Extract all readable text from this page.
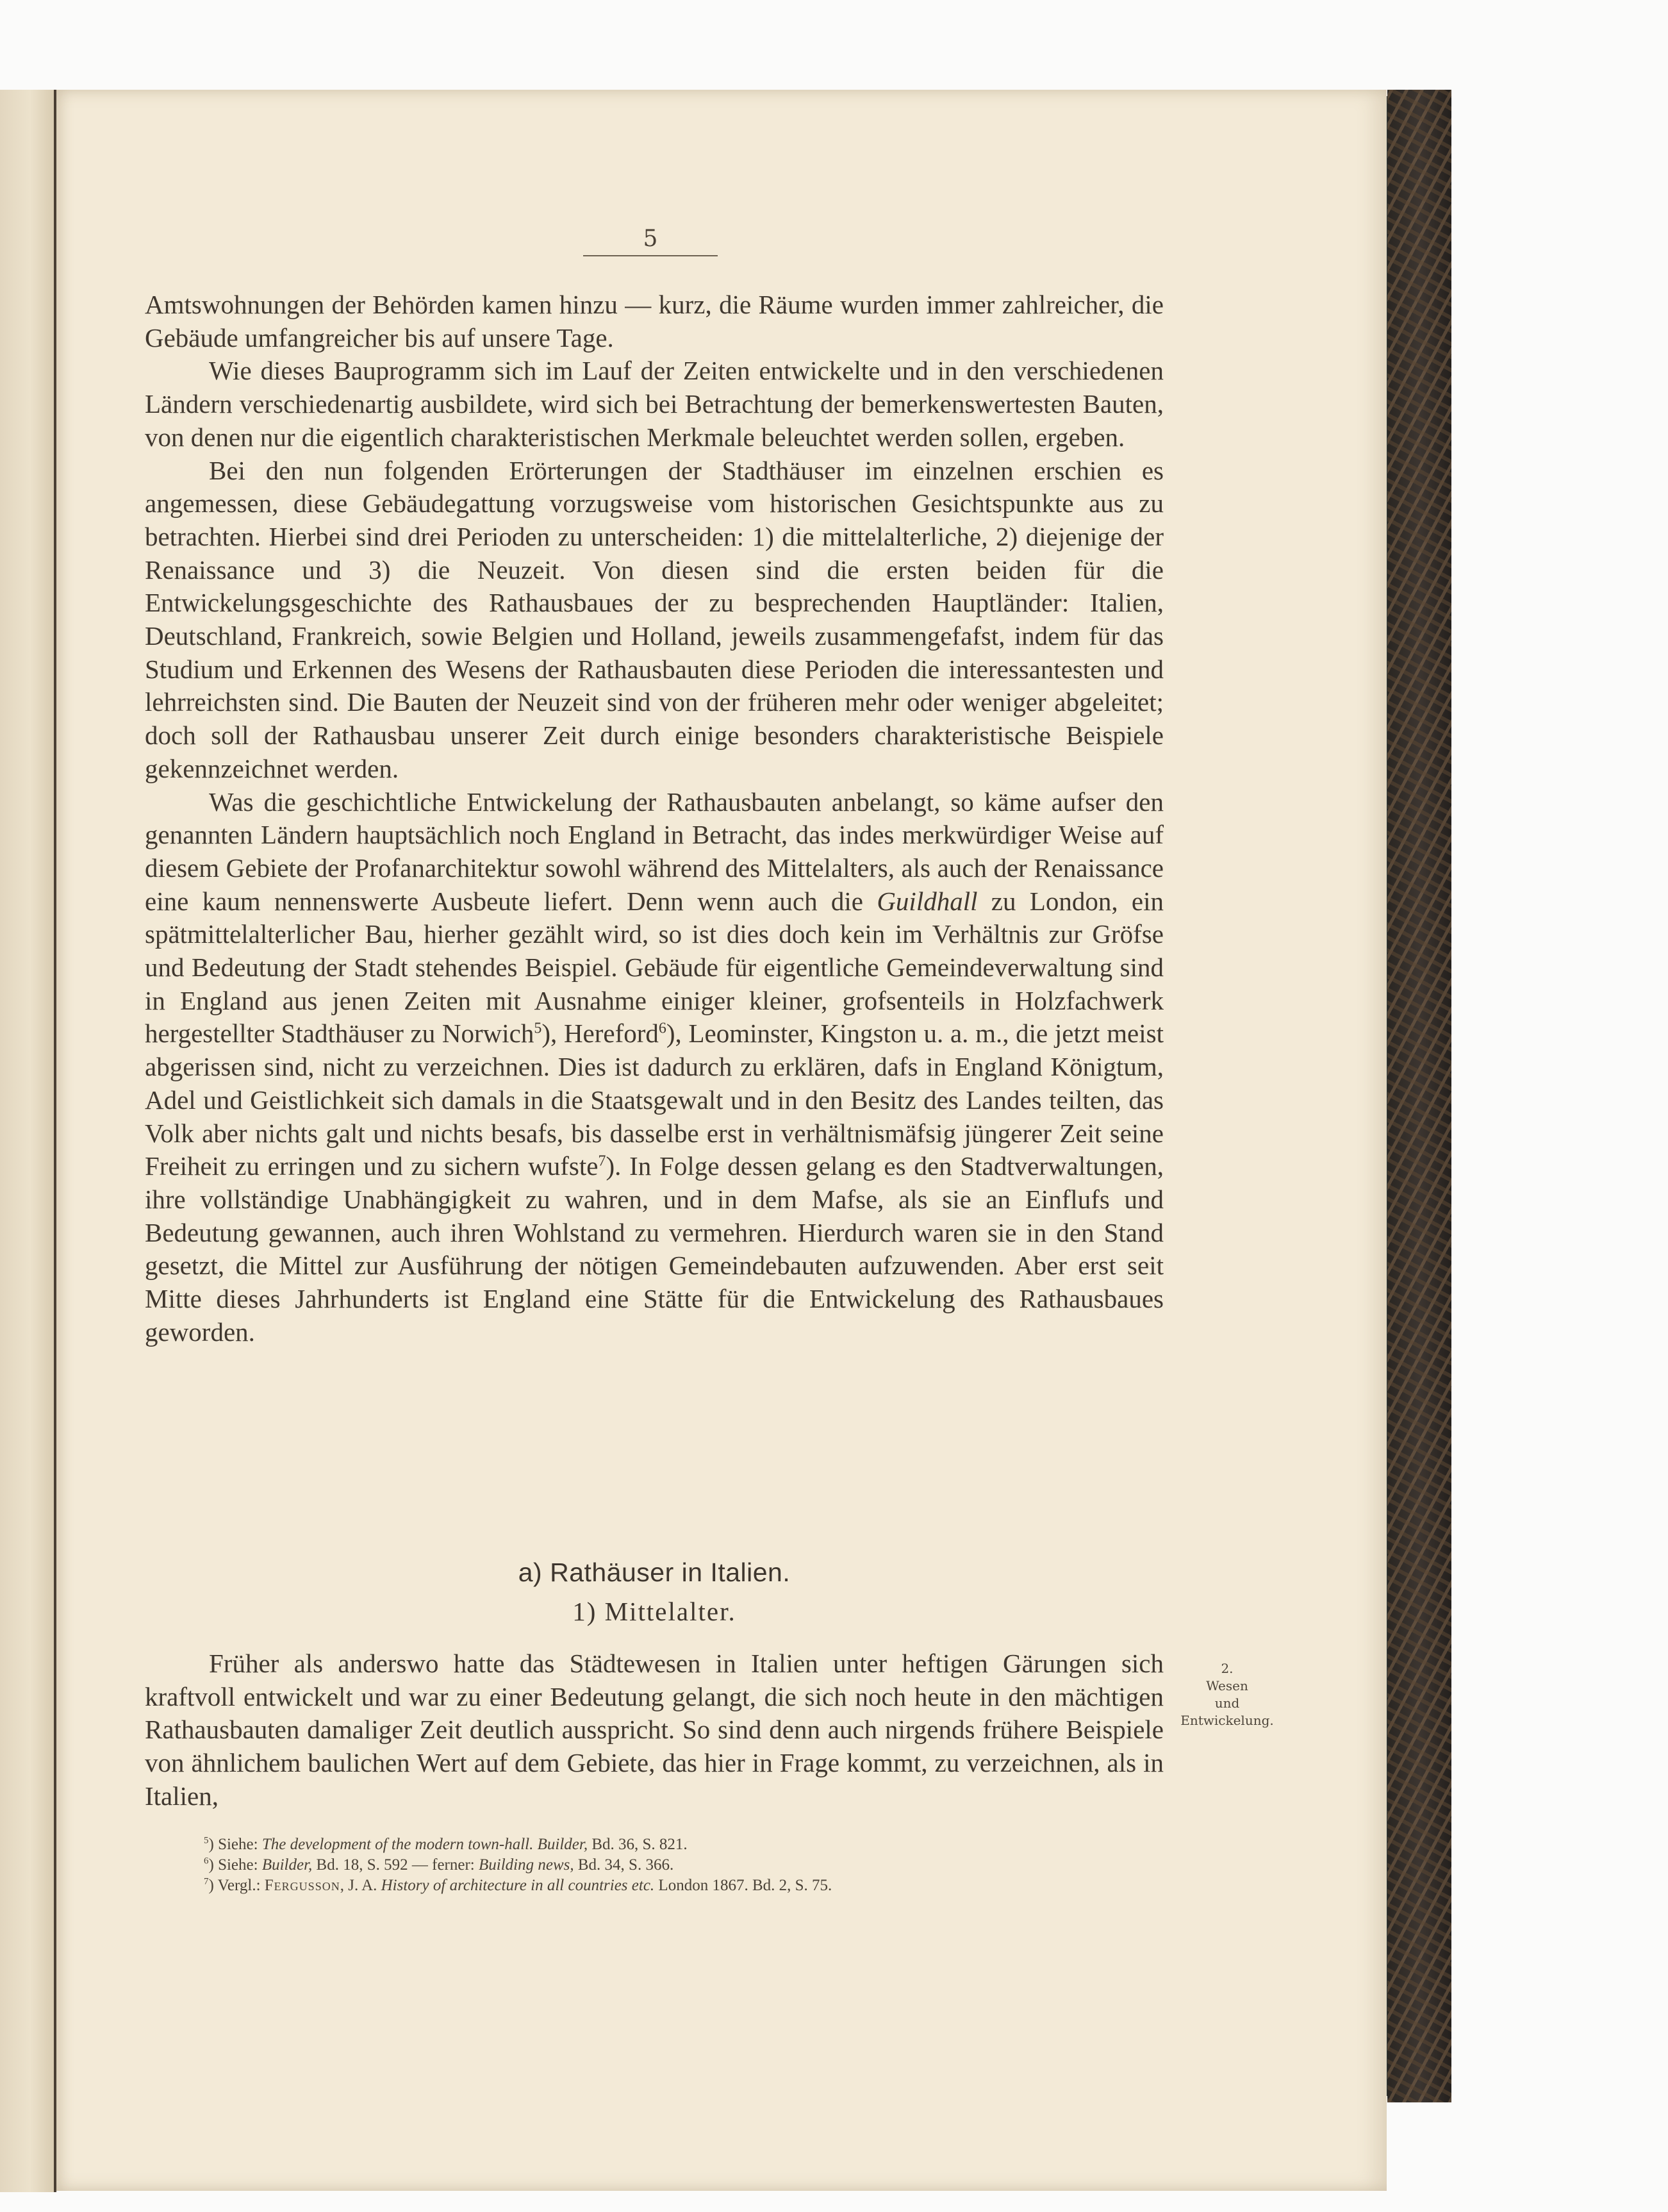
5

Amtswohnungen der Behörden kamen hinzu — kurz, die Räume wurden immer zahlreicher, die Gebäude umfangreicher bis auf unsere Tage.

Wie dieses Bauprogramm sich im Lauf der Zeiten entwickelte und in den verschiedenen Ländern verschiedenartig ausbildete, wird sich bei Betrachtung der bemerkenswertesten Bauten, von denen nur die eigentlich charakteristischen Merkmale beleuchtet werden sollen, ergeben.

Bei den nun folgenden Erörterungen der Stadthäuser im einzelnen erschien es angemessen, diese Gebäudegattung vorzugsweise vom historischen Gesichtspunkte aus zu betrachten. Hierbei sind drei Perioden zu unterscheiden: 1) die mittelalterliche, 2) diejenige der Renaissance und 3) die Neuzeit. Von diesen sind die ersten beiden für die Entwickelungsgeschichte des Rathausbaues der zu besprechenden Hauptländer: Italien, Deutschland, Frankreich, sowie Belgien und Holland, jeweils zusammengefafst, indem für das Studium und Erkennen des Wesens der Rathausbauten diese Perioden die interessantesten und lehrreichsten sind. Die Bauten der Neuzeit sind von der früheren mehr oder weniger abgeleitet; doch soll der Rathausbau unserer Zeit durch einige besonders charakteristische Beispiele gekennzeichnet werden.

Was die geschichtliche Entwickelung der Rathausbauten anbelangt, so käme aufser den genannten Ländern hauptsächlich noch England in Betracht, das indes merkwürdiger Weise auf diesem Gebiete der Profanarchitektur sowohl während des Mittelalters, als auch der Renaissance eine kaum nennenswerte Ausbeute liefert. Denn wenn auch die Guildhall zu London, ein spätmittelalterlicher Bau, hierher gezählt wird, so ist dies doch kein im Verhältnis zur Gröfse und Bedeutung der Stadt stehendes Beispiel. Gebäude für eigentliche Gemeindeverwaltung sind in England aus jenen Zeiten mit Ausnahme einiger kleiner, grofsenteils in Holzfachwerk hergestellter Stadthäuser zu Norwich$^5$), Hereford$^6$), Leominster, Kingston u. a. m., die jetzt meist abgerissen sind, nicht zu verzeichnen. Dies ist dadurch zu erklären, dafs in England Königtum, Adel und Geistlichkeit sich damals in die Staatsgewalt und in den Besitz des Landes teilten, das Volk aber nichts galt und nichts besafs, bis dasselbe erst in verhältnismäfsig jüngerer Zeit seine Freiheit zu erringen und zu sichern wufste$^7$). In Folge dessen gelang es den Stadtverwaltungen, ihre vollständige Unabhängigkeit zu wahren, und in dem Mafse, als sie an Einflufs und Bedeutung gewannen, auch ihren Wohlstand zu vermehren. Hierdurch waren sie in den Stand gesetzt, die Mittel zur Ausführung der nötigen Gemeindebauten aufzuwenden. Aber erst seit Mitte dieses Jahrhunderts ist England eine Stätte für die Entwickelung des Rathausbaues geworden.

a) Rathäuser in Italien.
1) Mittelalter.

Früher als anderswo hatte das Städtewesen in Italien unter heftigen Gärungen sich kraftvoll entwickelt und war zu einer Bedeutung gelangt, die sich noch heute in den mächtigen Rathausbauten damaliger Zeit deutlich ausspricht. So sind denn auch nirgends frühere Beispiele von ähnlichem baulichen Wert auf dem Gebiete, das hier in Frage kommt, zu verzeichnen, als in Italien,

2.
Wesen
und
Entwickelung.
$^5$) Siehe: The development of the modern town-hall. Builder, Bd. 36, S. 821.
$^6$) Siehe: Builder, Bd. 18, S. 592 — ferner: Building news, Bd. 34, S. 366.
$^7$) Vergl.: Fergusson, J. A. History of architecture in all countries etc. London 1867. Bd. 2, S. 75.
